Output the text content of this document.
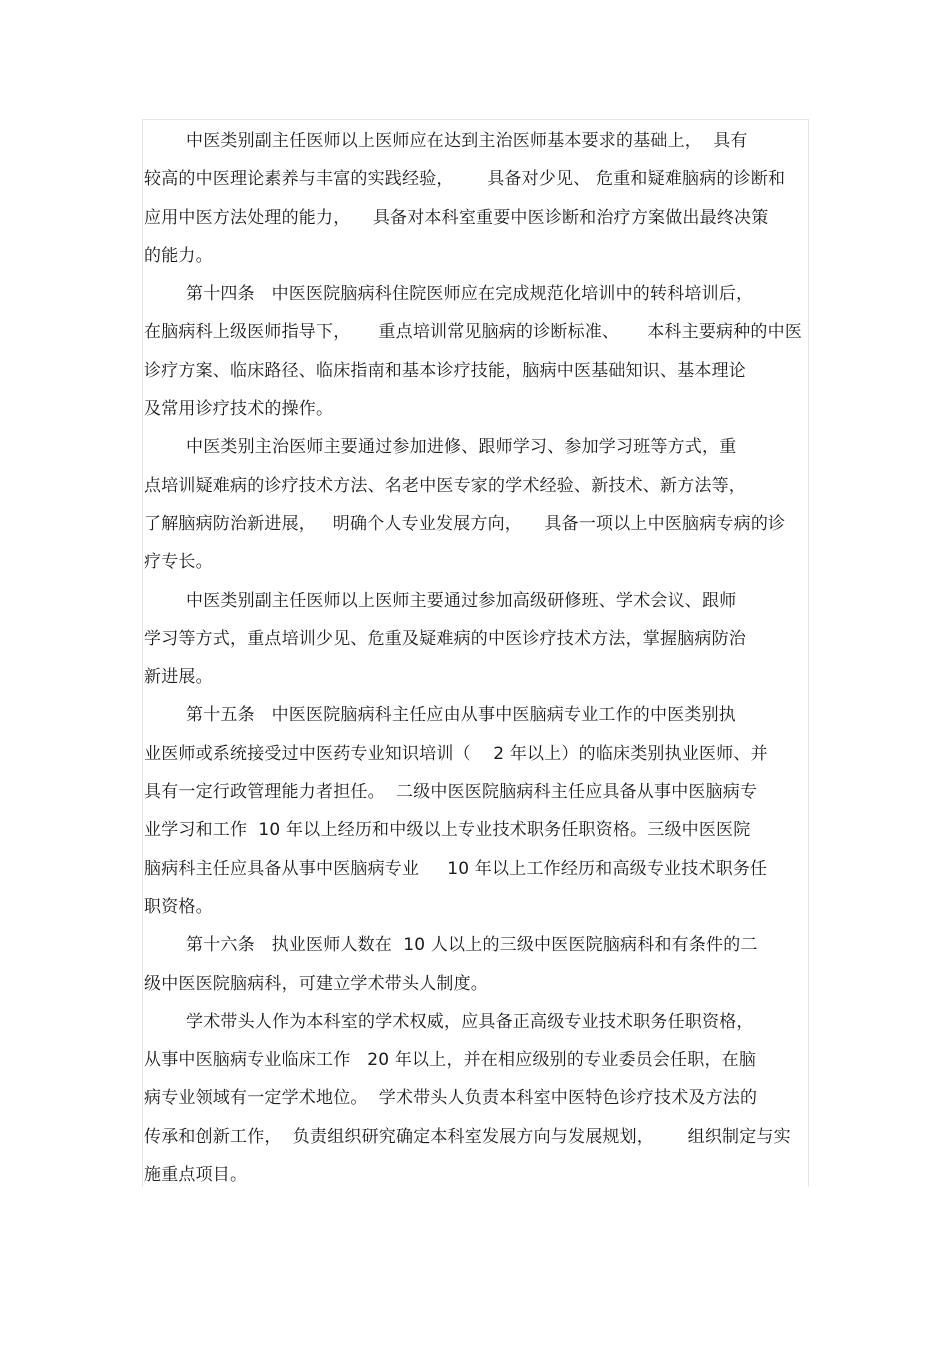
中医类别副主任医师以上医师应在达到主治医师基本要求的基础上，  具有
较高的中医理论素养与丰富的实践经验，      具备对少见、 危重和疑难脑病的诊断和
应用中医方法处理的能力，    具备对本科室重要中医诊断和治疗方案做出最终决策
的能力。
第十四条   中医医院脑病科住院医师应在完成规范化培训中的转科培训后，
在脑病科上级医师指导下，     重点培训常见脑病的诊断标准、     本科主要病种的中医
诊疗方案、临床路径、临床指南和基本诊疗技能，脑病中医基础知识、基本理论
及常用诊疗技术的操作。
中医类别主治医师主要通过参加进修、跟师学习、参加学习班等方式，重
点培训疑难病的诊疗技术方法、名老中医专家的学术经验、新技术、新方法等，
了解脑病防治新进展，   明确个人专业发展方向，    具备一项以上中医脑病专病的诊
疗专长。
中医类别副主任医师以上医师主要通过参加高级研修班、学术会议、跟师
学习等方式，重点培训少见、危重及疑难病的中医诊疗技术方法，掌握脑病防治
新进展。
第十五条   中医医院脑病科主任应由从事中医脑病专业工作的中医类别执
业医师或系统接受过中医药专业知识培训（    2 年以上）的临床类别执业医师、并
具有一定行政管理能力者担任。  二级中医医院脑病科主任应具备从事中医脑病专
业学习和工作  10 年以上经历和中级以上专业技术职务任职资格。三级中医医院
脑病科主任应具备从事中医脑病专业     10 年以上工作经历和高级专业技术职务任
职资格。
第十六条   执业医师人数在  10 人以上的三级中医医院脑病科和有条件的二
级中医医院脑病科，可建立学术带头人制度。
学术带头人作为本科室的学术权威，应具备正高级专业技术职务任职资格，
从事中医脑病专业临床工作   20 年以上，并在相应级别的专业委员会任职，在脑
病专业领域有一定学术地位。  学术带头人负责本科室中医特色诊疗技术及方法的
传承和创新工作，  负责组织研究确定本科室发展方向与发展规划，      组织制定与实
施重点项目。
